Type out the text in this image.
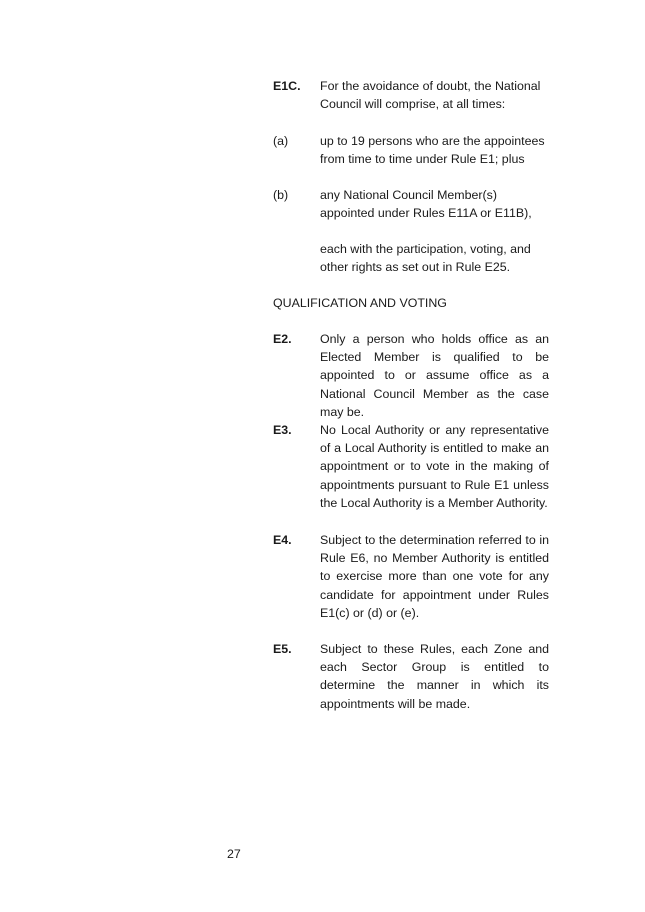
E1C.	For the avoidance of doubt, the National Council will comprise, at all times:
(a)	up to 19 persons who are the appointees from time to time under Rule E1; plus
(b)	any National Council Member(s) appointed under Rules E11A or E11B),
each with the participation, voting, and other rights as set out in Rule E25.
QUALIFICATION AND VOTING
E2.	Only a person who holds office as an Elected Member is qualified to be appointed to or assume office as a National Council Member as the case may be.
E3.	No Local Authority or any representative of a Local Authority is entitled to make an appointment or to vote in the making of appointments pursuant to Rule E1 unless the Local Authority is a Member Authority.
E4.	Subject to the determination referred to in Rule E6, no Member Authority is entitled to exercise more than one vote for any candidate for appointment under Rules E1(c) or (d) or (e).
E5.	Subject to these Rules, each Zone and each Sector Group is entitled to determine the manner in which its appointments will be made.
27
